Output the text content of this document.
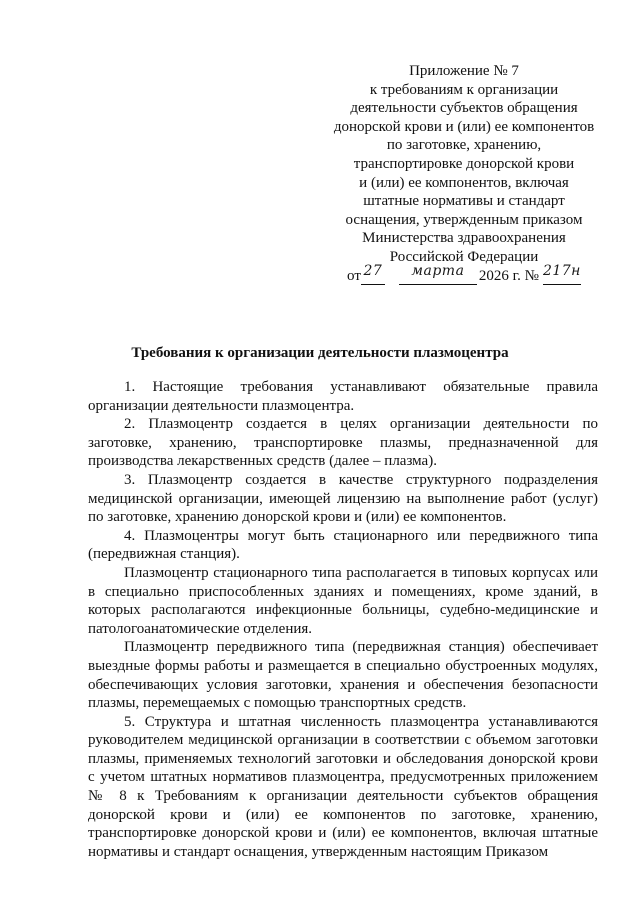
Приложение № 7
к требованиям к организации
деятельности субъектов обращения
донорской крови и (или) ее компонентов
по заготовке, хранению,
транспортировке донорской крови
и (или) ее компонентов, включая
штатные нормативы и стандарт
оснащения, утвержденным приказом
Министерства здравоохранения
Российской Федерации
от 27 марта 2026 г. № 217н
Требования к организации деятельности плазмоцентра

1. Настоящие требования устанавливают обязательные правила организации деятельности плазмоцентра.

2. Плазмоцентр создается в целях организации деятельности по заготовке, хранению, транспортировке плазмы, предназначенной для производства лекарственных средств (далее – плазма).

3. Плазмоцентр создается в качестве структурного подразделения медицинской организации, имеющей лицензию на выполнение работ (услуг) по заготовке, хранению донорской крови и (или) ее компонентов.

4. Плазмоцентры могут быть стационарного или передвижного типа (передвижная станция).

Плазмоцентр стационарного типа располагается в типовых корпусах или в специально приспособленных зданиях и помещениях, кроме зданий, в которых располагаются инфекционные больницы, судебно-медицинские и патологоанатомические отделения.

Плазмоцентр передвижного типа (передвижная станция) обеспечивает выездные формы работы и размещается в специально обустроенных модулях, обеспечивающих условия заготовки, хранения и обеспечения безопасности плазмы, перемещаемых с помощью транспортных средств.

5. Структура и штатная численность плазмоцентра устанавливаются руководителем медицинской организации в соответствии с объемом заготовки плазмы, применяемых технологий заготовки и обследования донорской крови с учетом штатных нормативов плазмоцентра, предусмотренных приложением № 8 к Требованиям к организации деятельности субъектов обращения донорской крови и (или) ее компонентов по заготовке, хранению, транспортировке донорской крови и (или) ее компонентов, включая штатные нормативы и стандарт оснащения, утвержденным настоящим Приказом
